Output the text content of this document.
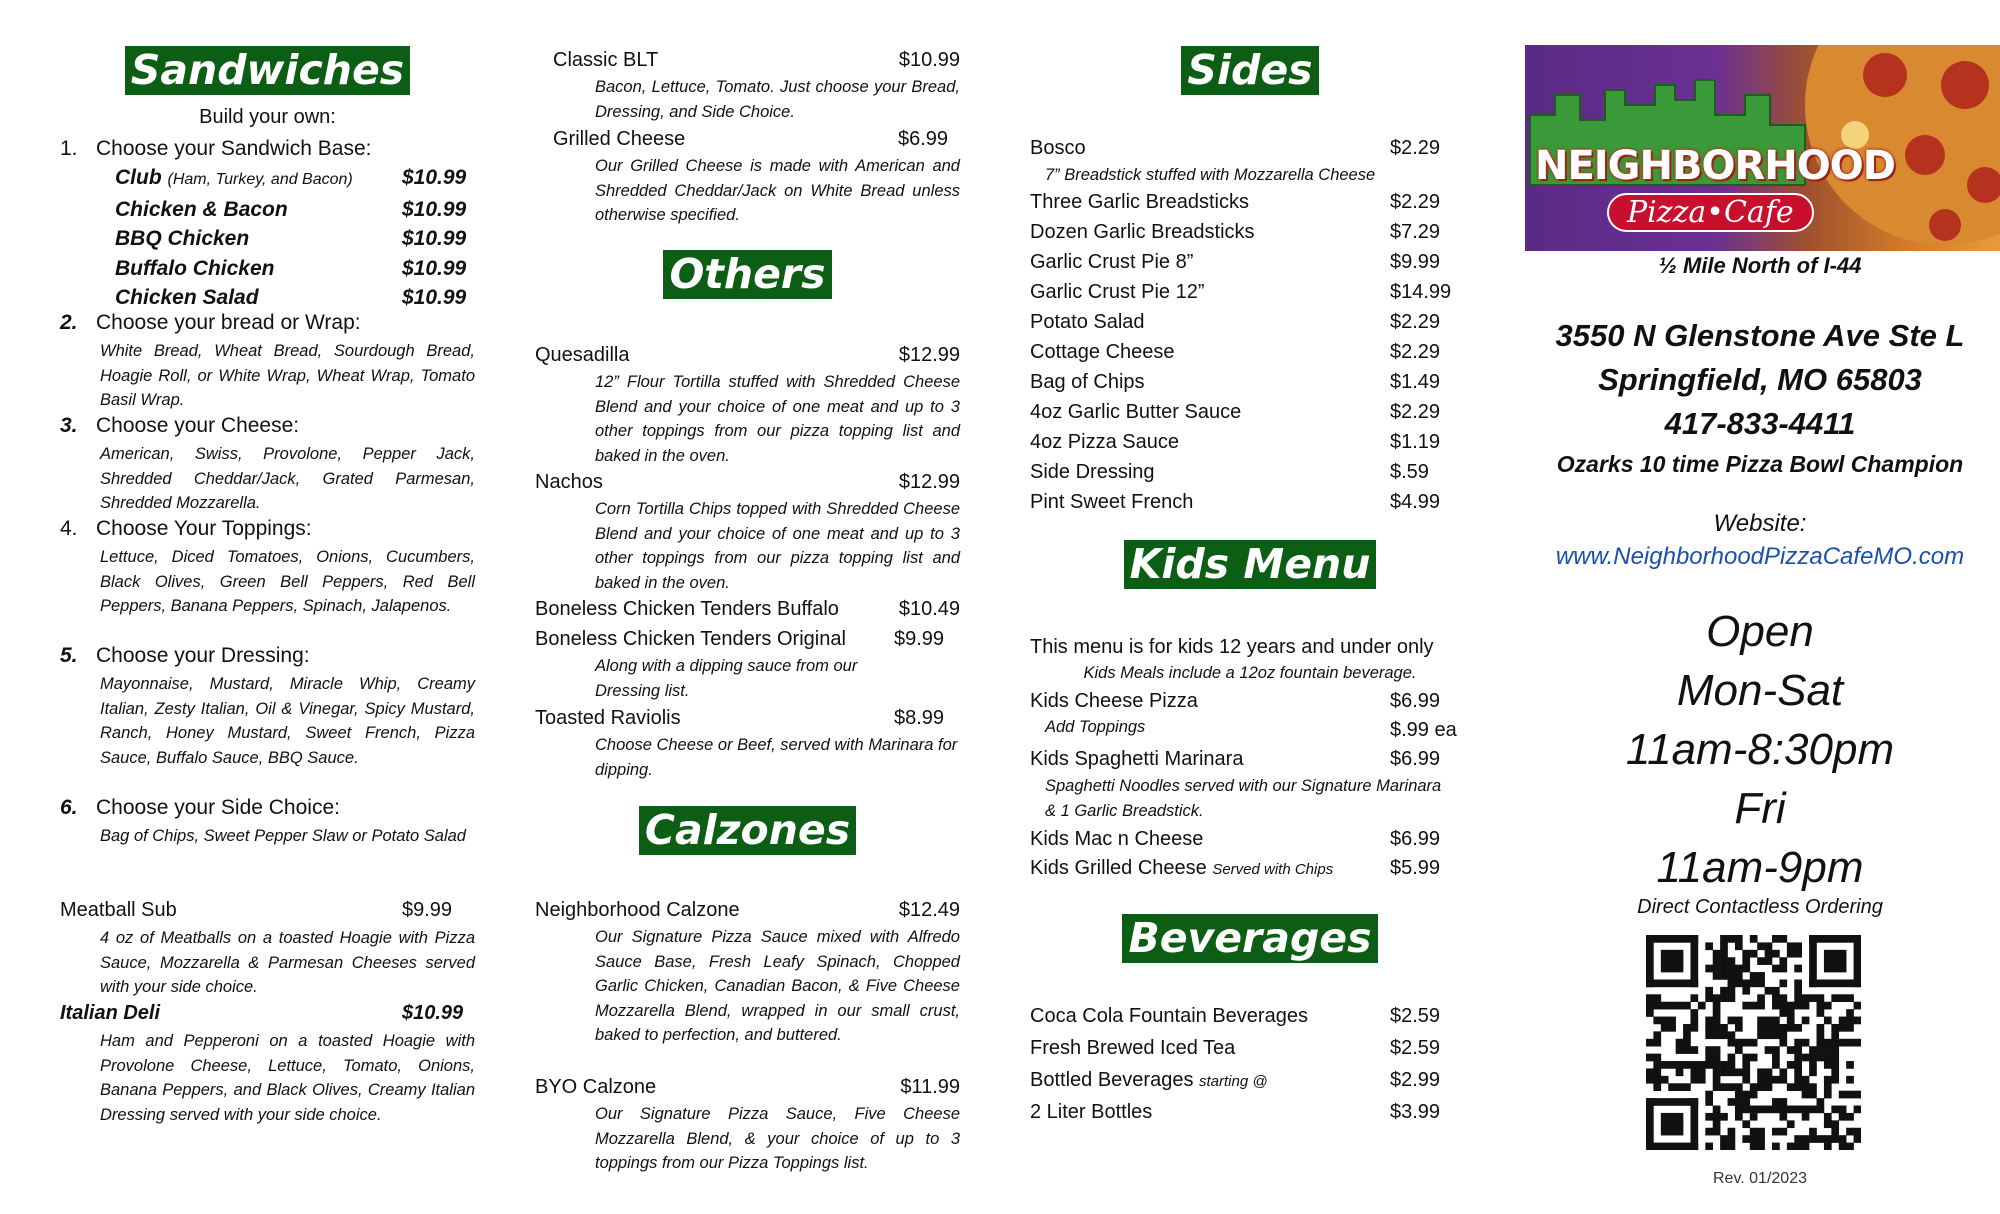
Sandwiches
Build your own:
1. Choose your Sandwich Base:
Club (Ham, Turkey, and Bacon)	$10.99
Chicken & Bacon	$10.99
BBQ Chicken	$10.99
Buffalo Chicken	$10.99
Chicken Salad	$10.99
2. Choose your bread or Wrap:
White Bread, Wheat Bread, Sourdough Bread, Hoagie Roll, or White Wrap, Wheat Wrap, Tomato Basil Wrap.
3. Choose your Cheese:
American, Swiss, Provolone, Pepper Jack, Shredded Cheddar/Jack, Grated Parmesan, Shredded Mozzarella.
4. Choose Your Toppings:
Lettuce, Diced Tomatoes, Onions, Cucumbers, Black Olives, Green Bell Peppers, Red Bell Peppers, Banana Peppers, Spinach, Jalapenos.
5. Choose your Dressing:
Mayonnaise, Mustard, Miracle Whip, Creamy Italian, Zesty Italian, Oil & Vinegar, Spicy Mustard, Ranch, Honey Mustard, Sweet French, Pizza Sauce, Buffalo Sauce, BBQ Sauce.
6. Choose your Side Choice:
Bag of Chips, Sweet Pepper Slaw or Potato Salad
Meatball Sub	$9.99
4 oz of Meatballs on a toasted Hoagie with Pizza Sauce, Mozzarella & Parmesan Cheeses served with your side choice.
Italian Deli	$10.99
Ham and Pepperoni on a toasted Hoagie with Provolone Cheese, Lettuce, Tomato, Onions, Banana Peppers, and Black Olives, Creamy Italian Dressing served with your side choice.
Classic BLT	$10.99
Bacon, Lettuce, Tomato. Just choose your Bread, Dressing, and Side Choice.
Grilled Cheese	$6.99
Our Grilled Cheese is made with American and Shredded Cheddar/Jack on White Bread unless otherwise specified.
Others
Quesadilla	$12.99
12” Flour Tortilla stuffed with Shredded Cheese Blend and your choice of one meat and up to 3 other toppings from our pizza topping list and baked in the oven.
Nachos	$12.99
Corn Tortilla Chips topped with Shredded Cheese Blend and your choice of one meat and up to 3 other toppings from our pizza topping list and baked in the oven.
Boneless Chicken Tenders Buffalo	$10.49
Boneless Chicken Tenders Original $9.99
Along with a dipping sauce from our Dressing list.
Toasted Raviolis	$8.99
Choose Cheese or Beef, served with Marinara for dipping.
Calzones
Neighborhood Calzone	$12.49
Our Signature Pizza Sauce mixed with Alfredo Sauce Base, Fresh Leafy Spinach, Chopped Garlic Chicken, Canadian Bacon, & Five Cheese Mozzarella Blend, wrapped in our small crust, baked to perfection, and buttered.
BYO Calzone	$11.99
Our Signature Pizza Sauce, Five Cheese Mozzarella Blend, & your choice of up to 3 toppings from our Pizza Toppings list.
Sides
Bosco	$2.29
7” Breadstick stuffed with Mozzarella Cheese
Three Garlic Breadsticks	$2.29
Dozen Garlic Breadsticks	$7.29
Garlic Crust Pie 8”	$9.99
Garlic Crust Pie 12”	$14.99
Potato Salad	$2.29
Cottage Cheese	$2.29
Bag of Chips	$1.49
4oz Garlic Butter Sauce	$2.29
4oz Pizza Sauce	$1.19
Side Dressing	$.59
Pint Sweet French	$4.99
Kids Menu
This menu is for kids 12 years and under only
Kids Meals include a 12oz fountain beverage.
Kids Cheese Pizza	$6.99
Add Toppings	$.99 ea
Kids Spaghetti Marinara	$6.99
Spaghetti Noodles served with our Signature Marinara & 1 Garlic Breadstick.
Kids Mac n Cheese	$6.99
Kids Grilled Cheese Served with Chips	$5.99
Beverages
Coca Cola Fountain Beverages	$2.59
Fresh Brewed Iced Tea	$2.59
Bottled Beverages starting @	$2.99
2 Liter Bottles	$3.99
NEIGHBORHOOD
Pizza•Cafe
½ Mile North of I-44
3550 N Glenstone Ave Ste L
Springfield, MO 65803
417-833-4411
Ozarks 10 time Pizza Bowl Champion
Website:
www.NeighborhoodPizzaCafeMO.com
Open
Mon-Sat
11am-8:30pm
Fri
11am-9pm
Direct Contactless Ordering
Rev. 01/2023
